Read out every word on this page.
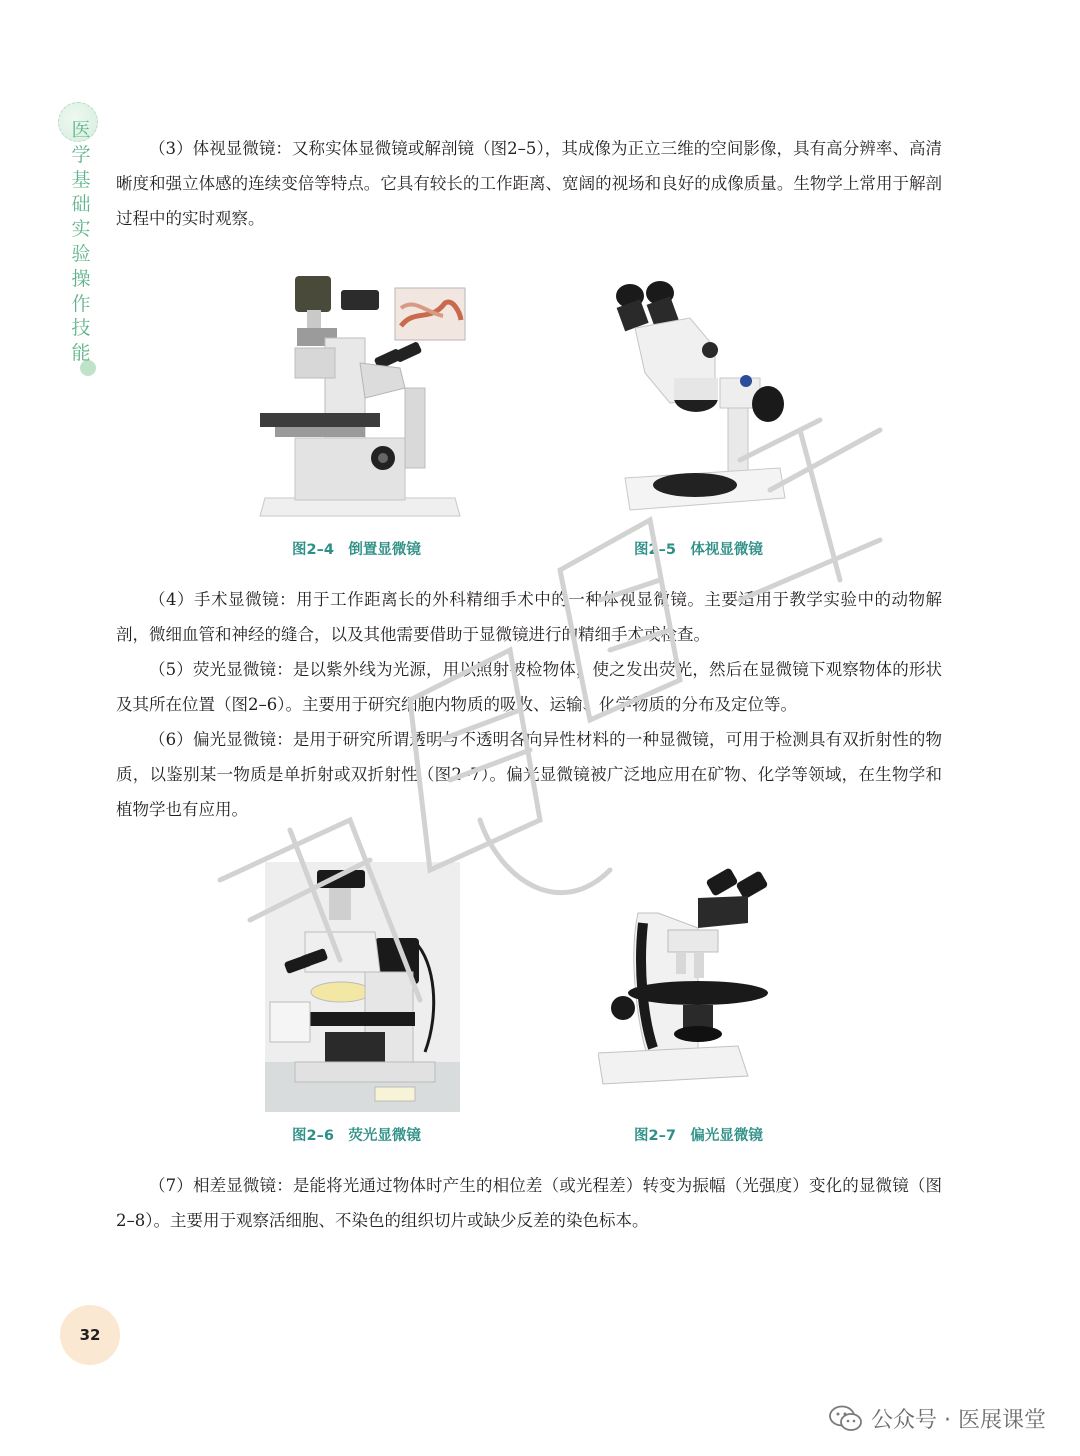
医
学
基
础
实
验
操
作
技
能

（3）体视显微镜：又称实体显微镜或解剖镜（图2–5），其成像为正立三维的空间影像，具有高分辨率、高清晰度和强立体感的连续变倍等特点。它具有较长的工作距离、宽阔的视场和良好的成像质量。生物学上常用于解剖过程中的实时观察。

图2–4　倒置显微镜	图2–5　体视显微镜

（4）手术显微镜：用于工作距离长的外科精细手术中的一种体视显微镜。主要适用于教学实验中的动物解剖，微细血管和神经的缝合，以及其他需要借助于显微镜进行的精细手术或检查。

（5）荧光显微镜：是以紫外线为光源，用以照射被检物体，使之发出荧光，然后在显微镜下观察物体的形状及其所在位置（图2–6）。主要用于研究细胞内物质的吸收、运输、化学物质的分布及定位等。

（6）偏光显微镜：是用于研究所谓透明与不透明各向异性材料的一种显微镜，可用于检测具有双折射性的物质，以鉴别某一物质是单折射或双折射性（图2–7）。偏光显微镜被广泛地应用在矿物、化学等领域，在生物学和植物学也有应用。

图2–6　荧光显微镜	图2–7　偏光显微镜

（7）相差显微镜：是能将光通过物体时产生的相位差（或光程差）转变为振幅（光强度）变化的显微镜（图2–8）。主要用于观察活细胞、不染色的组织切片或缺少反差的染色标本。

32
公众号 · 医展课堂
